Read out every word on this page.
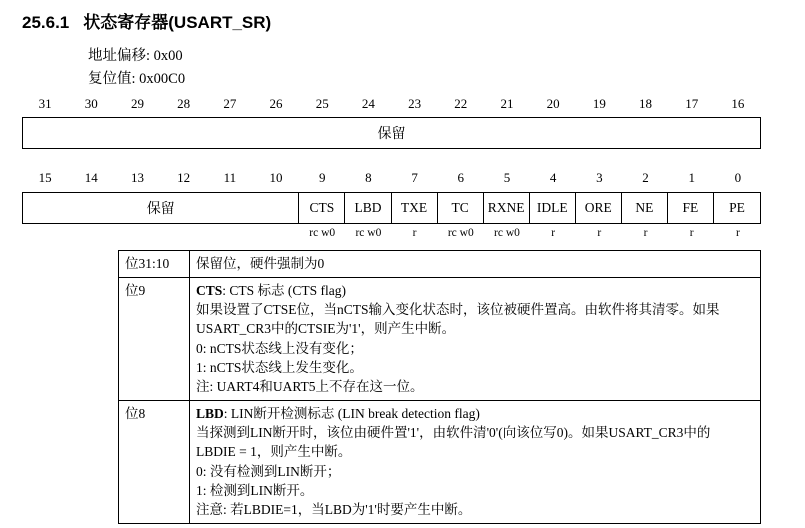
25.6.1 状态寄存器(USART_SR)
地址偏移: 0x00
复位值: 0x00C0
31	30	29	28	27	26	25	24	23	22	21	20	19	18	17	16
保留
15	14	13	12	11	10	9	8	7	6	5	4	3	2	1	0
保留	CTS	LBD	TXE	TC	RXNE IDLE	ORE	NE	FE	PE
rc w0	rc w0	r	rc w0	rc w0	r	r	r	r	r
位31:10	保留位，硬件强制为0

位9	CTS: CTS 标志 (CTS flag)

如果设置了CTSE位，当nCTS输入变化状态时，该位被硬件置高。由软件将其清零。如果

USART_CR3中的CTSIE为'1'，则产生中断。

0: nCTS状态线上没有变化；

1: nCTS状态线上发生变化。

注: UART4和UART5上不存在这一位。

位8	LBD: LIN断开检测标志 (LIN break detection flag)

当探测到LIN断开时，该位由硬件置'1'，由软件清'0'(向该位写0)。如果USART_CR3中的

LBDIE = 1，则产生中断。

0: 没有检测到LIN断开；

1: 检测到LIN断开。

注意: 若LBDIE=1，当LBD为'1'时要产生中断。
